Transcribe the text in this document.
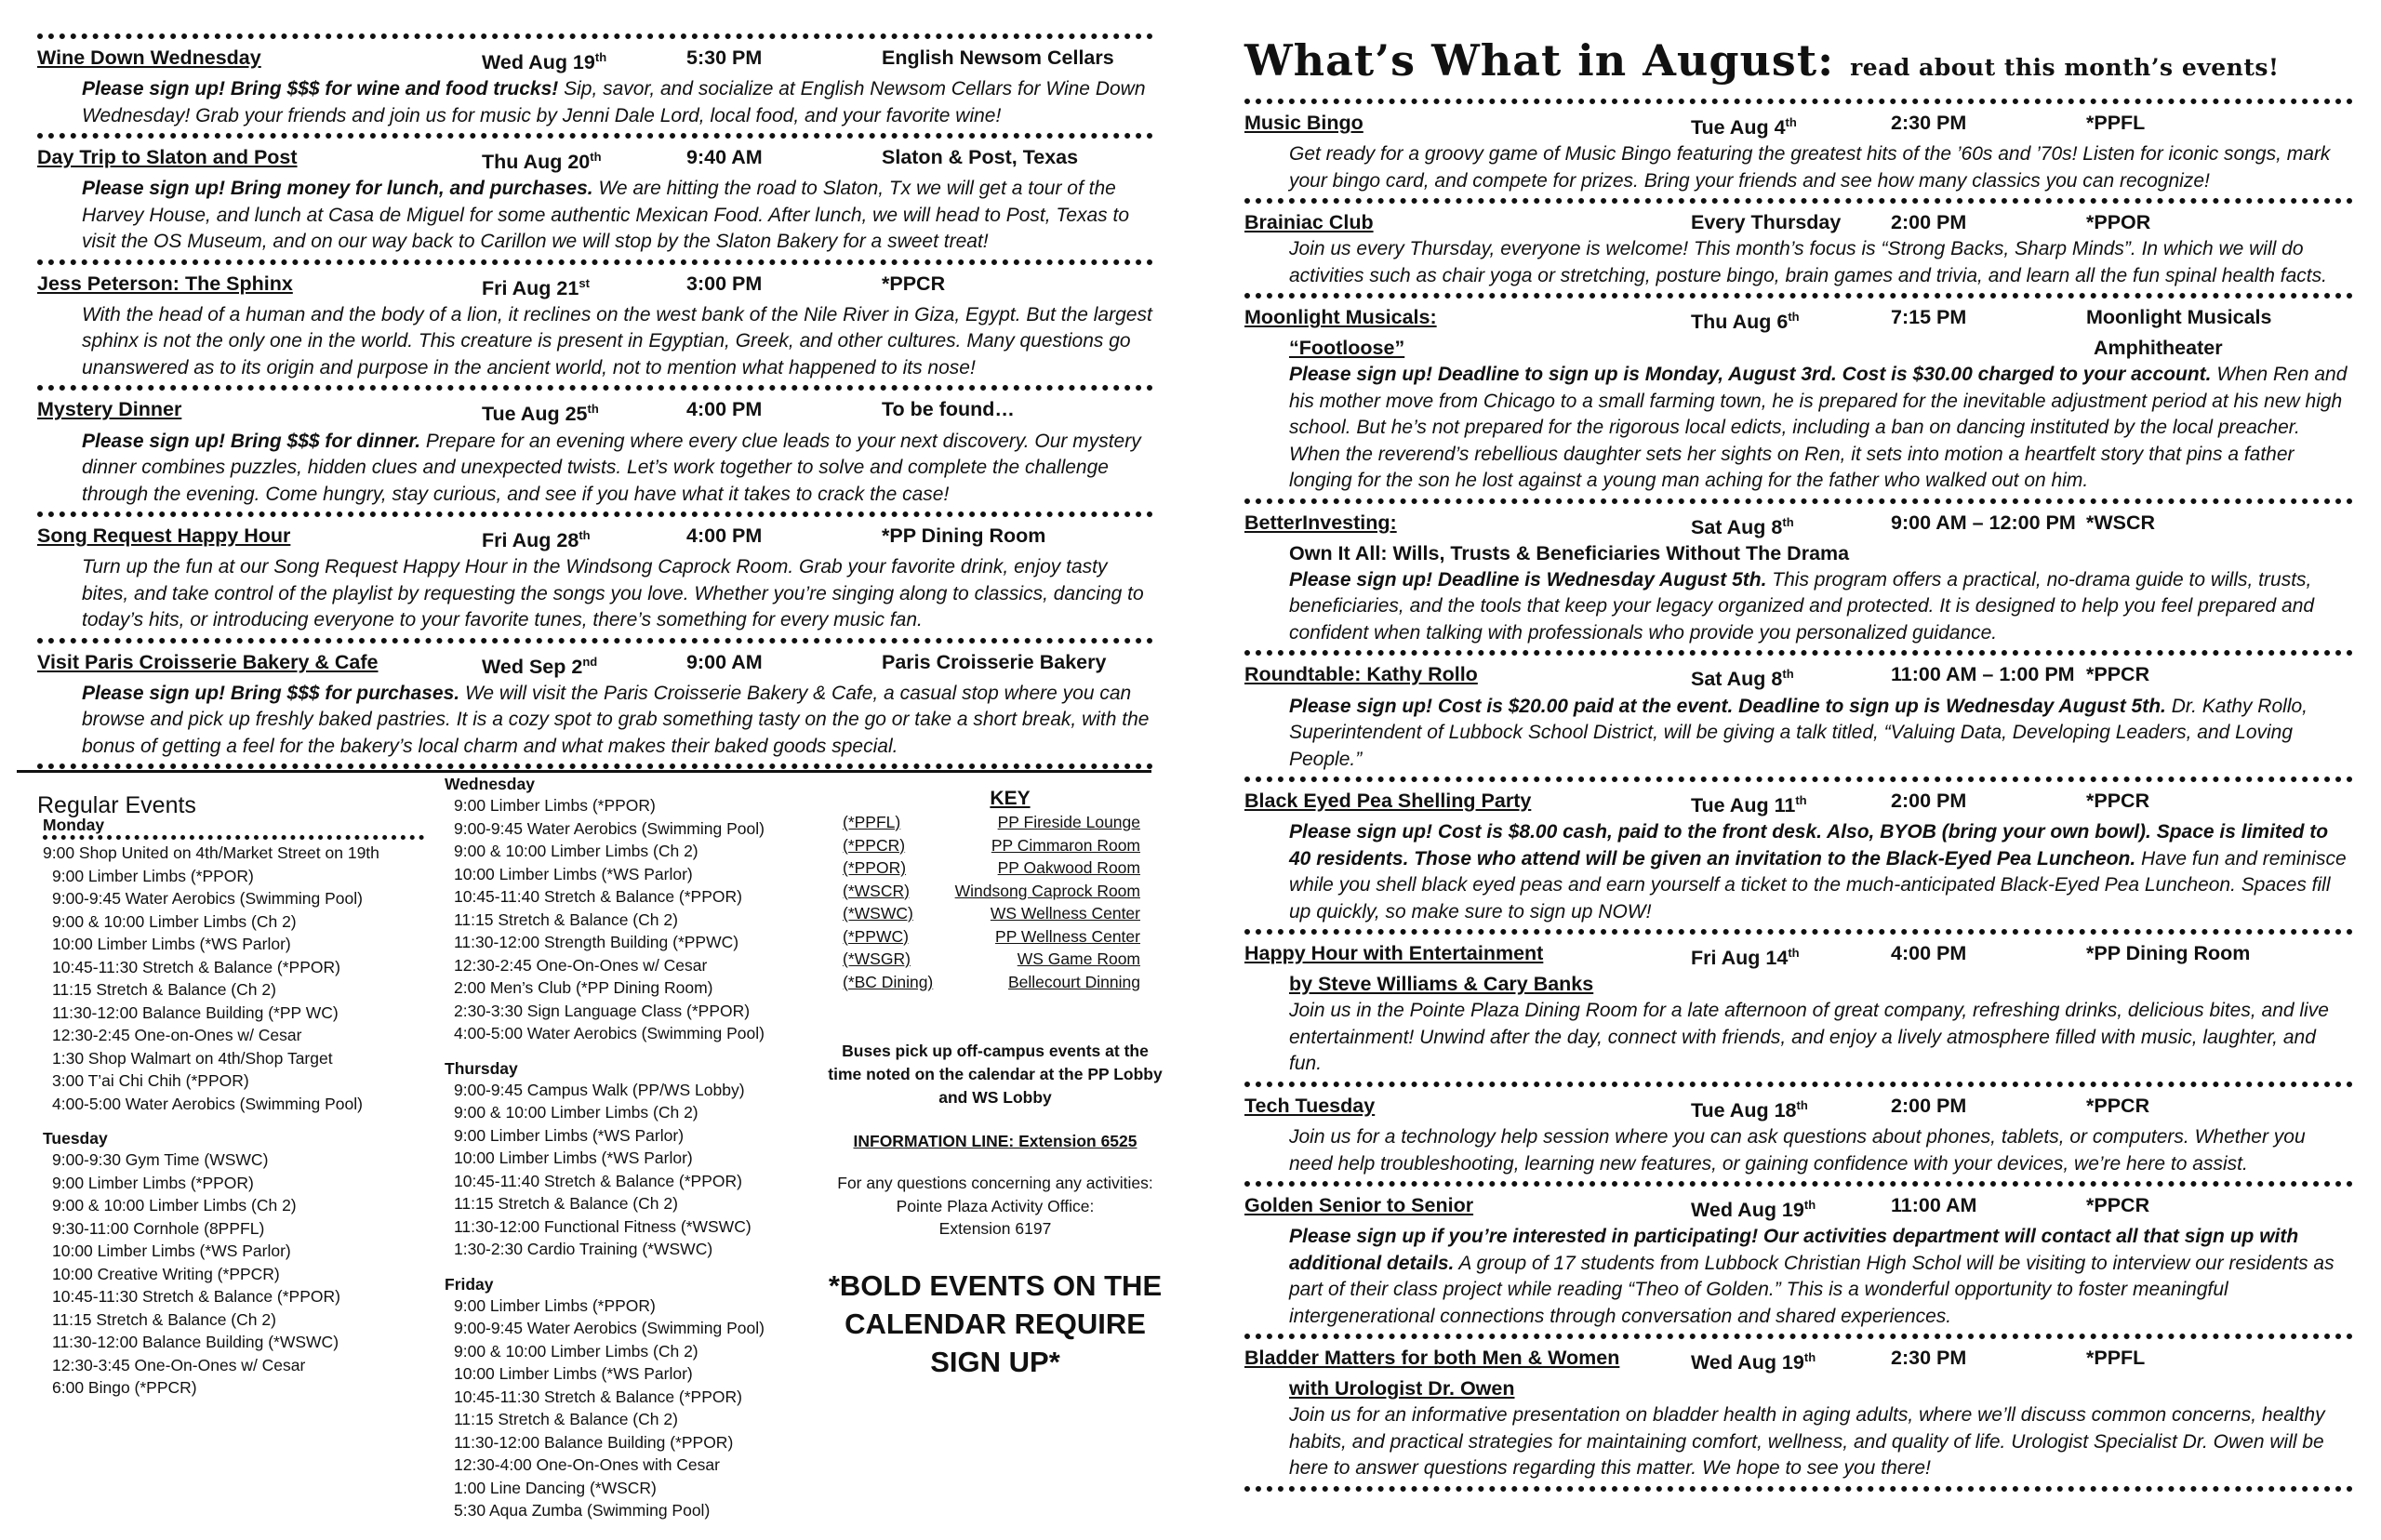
Wine Down Wednesday	Wed Aug 19th	5:30 PM	English Newsom Cellars
Please sign up! Bring $$$ for wine and food trucks! Sip, savor, and socialize at English Newsom Cellars for Wine Down Wednesday! Grab your friends and join us for music by Jenni Dale Lord, local food, and your favorite wine!
Day Trip to Slaton and Post	Thu Aug 20th	9:40 AM	Slaton & Post, Texas
Please sign up! Bring money for lunch, and purchases. We are hitting the road to Slaton, Tx we will get a tour of the Harvey House, and lunch at Casa de Miguel for some authentic Mexican Food. After lunch, we will head to Post, Texas to visit the OS Museum, and on our way back to Carillon we will stop by the Slaton Bakery for a sweet treat!
Jess Peterson: The Sphinx	Fri Aug 21st	3:00 PM	*PPCR
With the head of a human and the body of a lion, it reclines on the west bank of the Nile River in Giza, Egypt. But the largest sphinx is not the only one in the world. This creature is present in Egyptian, Greek, and other cultures. Many questions go unanswered as to its origin and purpose in the ancient world, not to mention what happened to its nose!
Mystery Dinner	Tue Aug 25th	4:00 PM	To be found…
Please sign up! Bring $$$ for dinner. Prepare for an evening where every clue leads to your next discovery. Our mystery dinner combines puzzles, hidden clues and unexpected twists. Let’s work together to solve and complete the challenge through the evening. Come hungry, stay curious, and see if you have what it takes to crack the case!
Song Request Happy Hour	Fri Aug 28th	4:00 PM	*PP Dining Room
Turn up the fun at our Song Request Happy Hour in the Windsong Caprock Room. Grab your favorite drink, enjoy tasty bites, and take control of the playlist by requesting the songs you love. Whether you’re singing along to classics, dancing to today’s hits, or introducing everyone to your favorite tunes, there’s something for every music fan.
Visit Paris Croisserie Bakery & Cafe	Wed Sep 2nd	9:00 AM	Paris Croisserie Bakery
Please sign up! Bring $$$ for purchases. We will visit the Paris Croisserie Bakery & Cafe, a casual stop where you can browse and pick up freshly baked pastries. It is a cozy spot to grab something tasty on the go or take a short break, with the bonus of getting a feel for the bakery’s local charm and what makes their baked goods special.
What’s What in August: read about this month’s events!
Music Bingo	Tue Aug 4th	2:30 PM	*PPFL
Get ready for a groovy game of Music Bingo featuring the greatest hits of the ’60s and ’70s! Listen for iconic songs, mark your bingo card, and compete for prizes. Bring your friends and see how many classics you can recognize!
Brainiac Club	Every Thursday	2:00 PM	*PPOR
Join us every Thursday, everyone is welcome! This month’s focus is “Strong Backs, Sharp Minds”. In which we will do activities such as chair yoga or stretching, posture bingo, brain games and trivia, and learn all the fun spinal health facts.
Moonlight Musicals:	Thu Aug 6th	7:15 PM	Moonlight Musicals
“Footloose”	Amphitheater
Please sign up! Deadline to sign up is Monday, August 3rd. Cost is $30.00 charged to your account. When Ren and his mother move from Chicago to a small farming town, he is prepared for the inevitable adjustment period at his new high school. But he’s not prepared for the rigorous local edicts, including a ban on dancing instituted by the local preacher. When the reverend’s rebellious daughter sets her sights on Ren, it sets into motion a heartfelt story that pins a father longing for the son he lost against a young man aching for the father who walked out on him.
BetterInvesting:	Sat Aug 8th	9:00 AM – 12:00 PM *WSCR
Own It All: Wills, Trusts & Beneficiaries Without The Drama
Please sign up! Deadline is Wednesday August 5th. This program offers a practical, no-drama guide to wills, trusts, beneficiaries, and the tools that keep your legacy organized and protected. It is designed to help you feel prepared and confident when talking with professionals who provide you personalized guidance.
Roundtable: Kathy Rollo	Sat Aug 8th	11:00 AM – 1:00 PM *PPCR
Please sign up! Cost is $20.00 paid at the event. Deadline to sign up is Wednesday August 5th. Dr. Kathy Rollo, Superintendent of Lubbock School District, will be giving a talk titled, “Valuing Data, Developing Leaders, and Loving People.”
Black Eyed Pea Shelling Party	Tue Aug 11th	2:00 PM	*PPCR
Please sign up! Cost is $8.00 cash, paid to the front desk. Also, BYOB (bring your own bowl). Space is limited to 40 residents. Those who attend will be given an invitation to the Black-Eyed Pea Luncheon. Have fun and reminisce while you shell black eyed peas and earn yourself a ticket to the much-anticipated Black-Eyed Pea Luncheon. Spaces fill up quickly, so make sure to sign up NOW!
Happy Hour with Entertainment	Fri Aug 14th	4:00 PM	*PP Dining Room
by Steve Williams & Cary Banks
Join us in the Pointe Plaza Dining Room for a late afternoon of great company, refreshing drinks, delicious bites, and live entertainment! Unwind after the day, connect with friends, and enjoy a lively atmosphere filled with music, laughter, and fun.
Tech Tuesday	Tue Aug 18th	2:00 PM	*PPCR
Join us for a technology help session where you can ask questions about phones, tablets, or computers. Whether you need help troubleshooting, learning new features, or gaining confidence with your devices, we’re here to assist.
Golden Senior to Senior	Wed Aug 19th	11:00 AM	*PPCR
Please sign up if you’re interested in participating! Our activities department will contact all that sign up with additional details. A group of 17 students from Lubbock Christian High Schol will be visiting to interview our residents as part of their class project while reading “Theo of Golden.” This is a wonderful opportunity to foster meaningful intergenerational connections through conversation and shared experiences.
Bladder Matters for both Men & Women	Wed Aug 19th	2:30 PM	*PPFL
with Urologist Dr. Owen
Join us for an informative presentation on bladder health in aging adults, where we’ll discuss common concerns, healthy habits, and practical strategies for maintaining comfort, wellness, and quality of life. Urologist Specialist Dr. Owen will be here to answer questions regarding this matter. We hope to see you there!
Regular Events
Monday
9:00 Shop United on 4th/Market Street on 19th
9:00 Limber Limbs (*PPOR)
9:00-9:45 Water Aerobics (Swimming Pool)
9:00 & 10:00 Limber Limbs (Ch 2)
10:00 Limber Limbs (*WS Parlor)
10:45-11:30 Stretch & Balance (*PPOR)
11:15 Stretch & Balance (Ch 2)
11:30-12:00 Balance Building (*PP WC)
12:30-2:45 One-on-Ones w/ Cesar
1:30 Shop Walmart on 4th/Shop Target
3:00 T’ai Chi Chih (*PPOR)
4:00-5:00 Water Aerobics (Swimming Pool)
Tuesday
9:00-9:30 Gym Time (WSWC)
9:00 Limber Limbs (*PPOR)
9:00 & 10:00 Limber Limbs (Ch 2)
9:30-11:00 Cornhole (8PPFL)
10:00 Limber Limbs (*WS Parlor)
10:00 Creative Writing (*PPCR)
10:45-11:30 Stretch & Balance (*PPOR)
11:15 Stretch & Balance (Ch 2)
11:30-12:00 Balance Building (*WSWC)
12:30-3:45 One-On-Ones w/ Cesar
6:00 Bingo (*PPCR)
Wednesday
9:00 Limber Limbs (*PPOR)
9:00-9:45 Water Aerobics (Swimming Pool)
9:00 & 10:00 Limber Limbs (Ch 2)
10:00 Limber Limbs (*WS Parlor)
10:45-11:40 Stretch & Balance (*PPOR)
11:15 Stretch & Balance (Ch 2)
11:30-12:00 Strength Building (*PPWC)
12:30-2:45 One-On-Ones w/ Cesar
2:00 Men’s Club (*PP Dining Room)
2:30-3:30 Sign Language Class (*PPOR)
4:00-5:00 Water Aerobics (Swimming Pool)
Thursday
9:00-9:45 Campus Walk (PP/WS Lobby)
9:00 & 10:00 Limber Limbs (Ch 2)
9:00 Limber Limbs (*WS Parlor)
10:00 Limber Limbs (*WS Parlor)
10:45-11:40 Stretch & Balance (*PPOR)
11:15 Stretch & Balance (Ch 2)
11:30-12:00 Functional Fitness (*WSWC)
1:30-2:30 Cardio Training (*WSWC)
Friday
9:00 Limber Limbs (*PPOR)
9:00-9:45 Water Aerobics (Swimming Pool)
9:00 & 10:00 Limber Limbs (Ch 2)
10:00 Limber Limbs (*WS Parlor)
10:45-11:30 Stretch & Balance (*PPOR)
11:15 Stretch & Balance (Ch 2)
11:30-12:00 Balance Building (*PPOR)
12:30-4:00 One-On-Ones with Cesar
1:00 Line Dancing (*WSCR)
5:30 Aqua Zumba (Swimming Pool)
KEY
(*PPFL)	PP Fireside Lounge
(*PPCR)	PP Cimmaron Room
(*PPOR)	PP Oakwood Room
(*WSCR)	Windsong Caprock Room
(*WSWC)	WS Wellness Center
(*PPWC)	PP Wellness Center
(*WSGR)	WS Game Room
(*BC Dining)	Bellecourt Dinning
Buses pick up off-campus events at the time noted on the calendar at the PP Lobby and WS Lobby
INFORMATION LINE: Extension 6525
For any questions concerning any activities:
Pointe Plaza Activity Office:
Extension 6197
*BOLD EVENTS ON THE CALENDAR REQUIRE SIGN UP*
